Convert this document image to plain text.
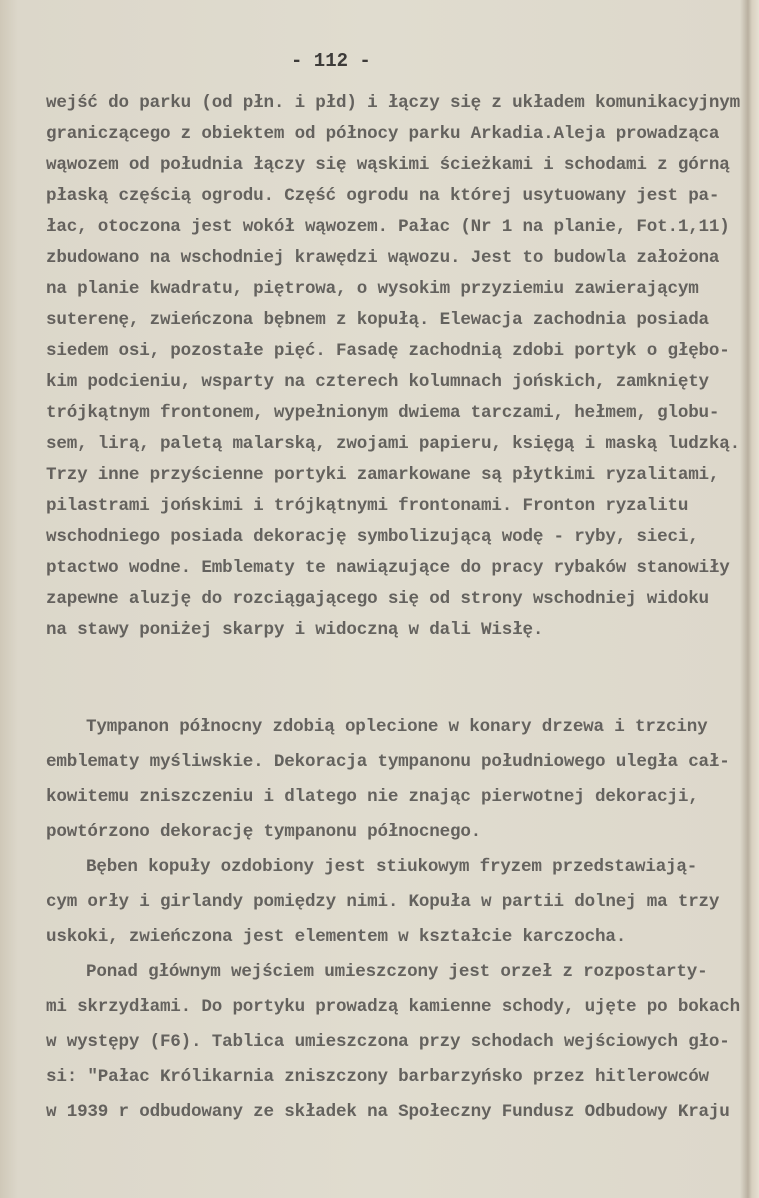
- 112 -
wejść do parku (od płn. i płd) i łączy się z układem komunikacyjnym
graniczącego z obiektem od północy parku Arkadia.Aleja prowadząca
wąwozem od południa łączy się wąskimi ścieżkami i schodami z górną
płaską częścią ogrodu. Część ogrodu na której usytuowany jest pa-
łac, otoczona jest wokół wąwozem. Pałac (Nr 1 na planie, Fot.1,11)
zbudowano na wschodniej krawędzi wąwozu. Jest to budowla założona
na planie kwadratu, piętrowa, o wysokim przyziemiu zawierającym
suterenę, zwieńczona bębnem z kopułą. Elewacja zachodnia posiada
siedem osi, pozostałe pięć. Fasadę zachodnią zdobi portyk o głębo-
kim podcieniu, wsparty na czterech kolumnach jońskich, zamknięty
trójkątnym frontonem, wypełnionym dwiema tarczami, hełmem, globu-
sem, lirą, paletą malarską, zwojami papieru, księgą i maską ludzką.
Trzy inne przyścienne portyki zamarkowane są płytkimi ryzalitami,
pilastrami jońskimi i trójkątnymi frontonami. Fronton ryzalitu
wschodniego posiada dekorację symbolizującą wodę - ryby, sieci,
ptactwo wodne. Emblematy te nawiązujące do pracy rybaków stanowiły
zapewne aluzję do rozciągającego się od strony wschodniej widoku
na stawy poniżej skarpy i widoczną w dali Wisłę.
Tympanon północny zdobią oplecione w konary drzewa i trzciny
emblematy myśliwskie. Dekoracja tympanonu południowego uległa cał-
kowitemu zniszczeniu i dlatego nie znając pierwotnej dekoracji,
powtórzono dekorację tympanonu północnego.
Bęben kopuły ozdobiony jest stiukowym fryzem przedstawiają-
cym orły i girlandy pomiędzy nimi. Kopuła w partii dolnej ma trzy
uskoki, zwieńczona jest elementem w kształcie karczocha.
Ponad głównym wejściem umieszczony jest orzeł z rozpostarty-
mi skrzydłami. Do portyku prowadzą kamienne schody, ujęte po bokach
w występy (F6). Tablica umieszczona przy schodach wejściowych gło-
si: "Pałac Królikarnia zniszczony barbarzyńsko przez hitlerowców
w 1939 r odbudowany ze składek na Społeczny Fundusz Odbudowy Kraju
